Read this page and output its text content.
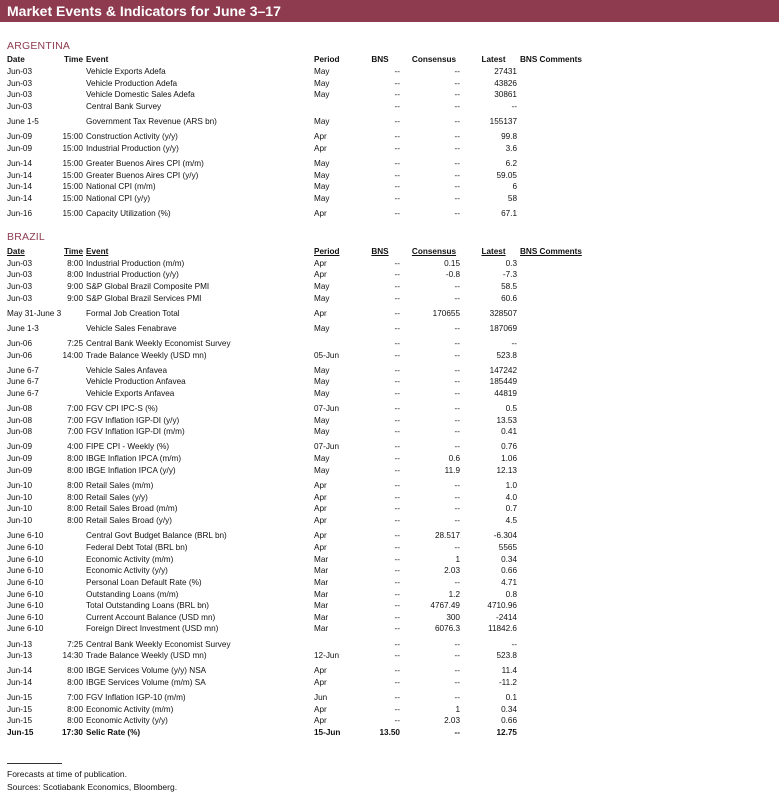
Market Events & Indicators for June 3–17
ARGENTINA
Date	Time Event	Period	BNS	Consensus	Latest	BNS Comments
Jun-03	Vehicle Exports Adefa	May	--	--	27431
Jun-03	Vehicle Production Adefa	May	--	--	43826
Jun-03	Vehicle Domestic Sales Adefa	May	--	--	30861
Jun-03	Central Bank Survey	--	--	--
June 1-5	Government Tax Revenue (ARS bn)	May	--	--	155137
Jun-09	15:00 Construction Activity (y/y)	Apr	--	--	99.8
Jun-09	15:00 Industrial Production (y/y)	Apr	--	--	3.6
Jun-14	15:00 Greater Buenos Aires CPI (m/m)	May	--	--	6.2
Jun-14	15:00 Greater Buenos Aires CPI (y/y)	May	--	--	59.05
Jun-14	15:00 National CPI (m/m)	May	--	--	6
Jun-14	15:00 National CPI (y/y)	May	--	--	58
Jun-16	15:00 Capacity Utilization (%)	Apr	--	--	67.1
BRAZIL
Date	Time Event	Period	BNS	Consensus	Latest	BNS Comments
Jun-03	8:00 Industrial Production (m/m)	Apr	--	0.15	0.3
Jun-03	8:00 Industrial Production (y/y)	Apr	--	-0.8	-7.3
Jun-03	9:00 S&P Global Brazil Composite PMI	May	--	--	58.5
Jun-03	9:00 S&P Global Brazil Services PMI	May	--	--	60.6
May 31-June 3	Formal Job Creation Total	Apr	--	170655	328507
June 1-3	Vehicle Sales Fenabrave	May	--	--	187069
Jun-06	7:25 Central Bank Weekly Economist Survey	--	--	--
Jun-06	14:00 Trade Balance Weekly (USD mn)	05-Jun	--	--	523.8
June 6-7	Vehicle Sales Anfavea	May	--	--	147242
June 6-7	Vehicle Production Anfavea	May	--	--	185449
June 6-7	Vehicle Exports Anfavea	May	--	--	44819
Jun-08	7:00 FGV CPI IPC-S (%)	07-Jun	--	--	0.5
Jun-08	7:00 FGV Inflation IGP-DI (y/y)	May	--	--	13.53
Jun-08	7:00 FGV Inflation IGP-DI (m/m)	May	--	--	0.41
Jun-09	4:00 FIPE CPI - Weekly (%)	07-Jun	--	--	0.76
Jun-09	8:00 IBGE Inflation IPCA (m/m)	May	--	0.6	1.06
Jun-09	8:00 IBGE Inflation IPCA (y/y)	May	--	11.9	12.13
Jun-10	8:00 Retail Sales (m/m)	Apr	--	--	1.0
Jun-10	8:00 Retail Sales (y/y)	Apr	--	--	4.0
Jun-10	8:00 Retail Sales Broad (m/m)	Apr	--	--	0.7
Jun-10	8:00 Retail Sales Broad (y/y)	Apr	--	--	4.5
June 6-10	Central Govt Budget Balance (BRL bn)	Apr	--	28.517	-6.304
June 6-10	Federal Debt Total (BRL bn)	Apr	--	--	5565
June 6-10	Economic Activity (m/m)	Mar	--	1	0.34
June 6-10	Economic Activity (y/y)	Mar	--	2.03	0.66
June 6-10	Personal Loan Default Rate (%)	Mar	--	--	4.71
June 6-10	Outstanding Loans (m/m)	Mar	--	1.2	0.8
June 6-10	Total Outstanding Loans (BRL bn)	Mar	--	4767.49	4710.96
June 6-10	Current Account Balance (USD mn)	Mar	--	300	-2414
June 6-10	Foreign Direct Investment (USD mn)	Mar	--	6076.3	11842.6
Jun-13	7:25 Central Bank Weekly Economist Survey	--	--	--
Jun-13	14:30 Trade Balance Weekly (USD mn)	12-Jun	--	--	523.8
Jun-14	8:00 IBGE Services Volume (y/y) NSA	Apr	--	--	11.4
Jun-14	8:00 IBGE Services Volume (m/m) SA	Apr	--	--	-11.2
Jun-15	7:00 FGV Inflation IGP-10 (m/m)	Jun	--	--	0.1
Jun-15	8:00 Economic Activity (m/m)	Apr	--	1	0.34
Jun-15	8:00 Economic Activity (y/y)	Apr	--	2.03	0.66
Jun-15	17:30 Selic Rate (%)	15-Jun	13.50	--	12.75
Forecasts at time of publication.
Sources: Scotiabank Economics, Bloomberg.
